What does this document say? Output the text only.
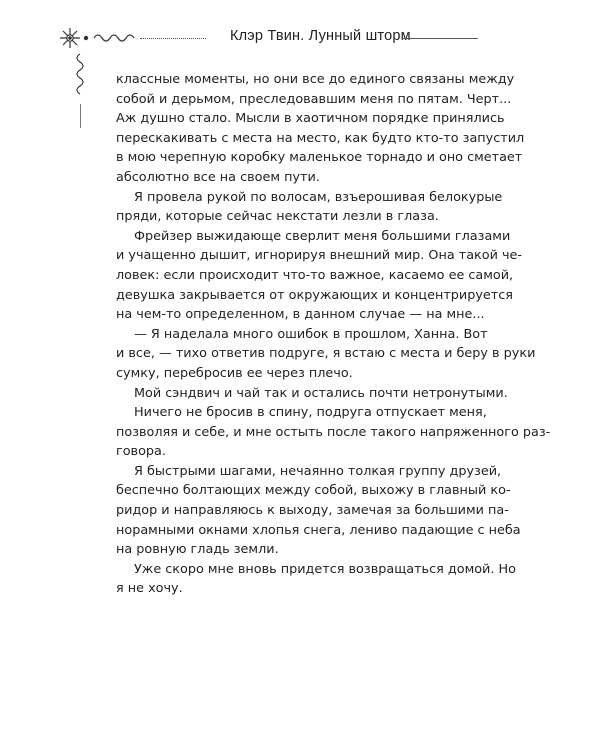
Клэр Твин. Лунный шторм
классные моменты, но они все до единого связаны между
собой и дерьмом, преследовавшим меня по пятам. Черт...
Аж душно стало. Мысли в хаотичном порядке принялись
перескакивать с места на место, как будто кто-то запустил
в мою черепную коробку маленькое торнадо и оно сметает
абсолютно все на своем пути.
Я провела рукой по волосам, взъерошивая белокурые
пряди, которые сейчас некстати лезли в глаза.
Фрейзер выжидающе сверлит меня большими глазами
и учащенно дышит, игнорируя внешний мир. Она такой че-
ловек: если происходит что-то важное, касаемо ее самой,
девушка закрывается от окружающих и концентрируется
на чем-то определенном, в данном случае — на мне...
— Я наделала много ошибок в прошлом, Ханна. Вот
и все, — тихо ответив подруге, я встаю с места и беру в руки
сумку, перебросив ее через плечо.
Мой сэндвич и чай так и остались почти нетронутыми.
Ничего не бросив в спину, подруга отпускает меня,
позволяя и себе, и мне остыть после такого напряженного раз-
говора.
Я быстрыми шагами, нечаянно толкая группу друзей,
беспечно болтающих между собой, выхожу в главный ко-
ридор и направляюсь к выходу, замечая за большими па-
норамными окнами хлопья снега, лениво падающие с неба
на ровную гладь земли.
Уже скоро мне вновь придется возвращаться домой. Но
я не хочу.
